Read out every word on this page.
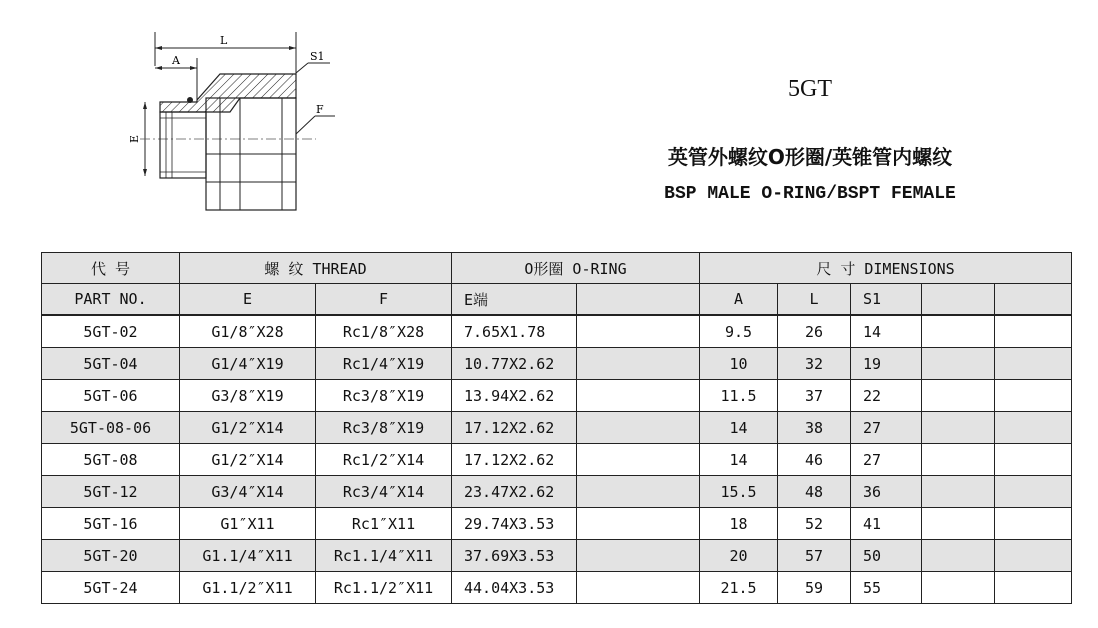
L
A	S1
F
E
5GT
英管外螺纹O形圈/英锥管内螺纹
BSP MALE O-RING/BSPT FEMALE
代 号	螺 纹 THREAD		O形圈 O-RING		尺 寸 DIMENSIONS				
PART NO.	E	F	E端		A	L	S1		
5GT-02	G1/8″X28	Rc1/8″X28	7.65X1.78		9.5	26	14		
5GT-04	G1/4″X19	Rc1/4″X19	10.77X2.62		10	32	19		
5GT-06	G3/8″X19	Rc3/8″X19	13.94X2.62		11.5	37	22		
5GT-08-06	G1/2″X14	Rc3/8″X19	17.12X2.62		14	38	27		
5GT-08	G1/2″X14	Rc1/2″X14	17.12X2.62		14	46	27		
5GT-12	G3/4″X14	Rc3/4″X14	23.47X2.62		15.5	48	36		
5GT-16	G1″X11	Rc1″X11	29.74X3.53		18	52	41		
5GT-20	G1.1/4″X11	Rc1.1/4″X11	37.69X3.53		20	57	50		
5GT-24	G1.1/2″X11	Rc1.1/2″X11	44.04X3.53		21.5	59	55		
